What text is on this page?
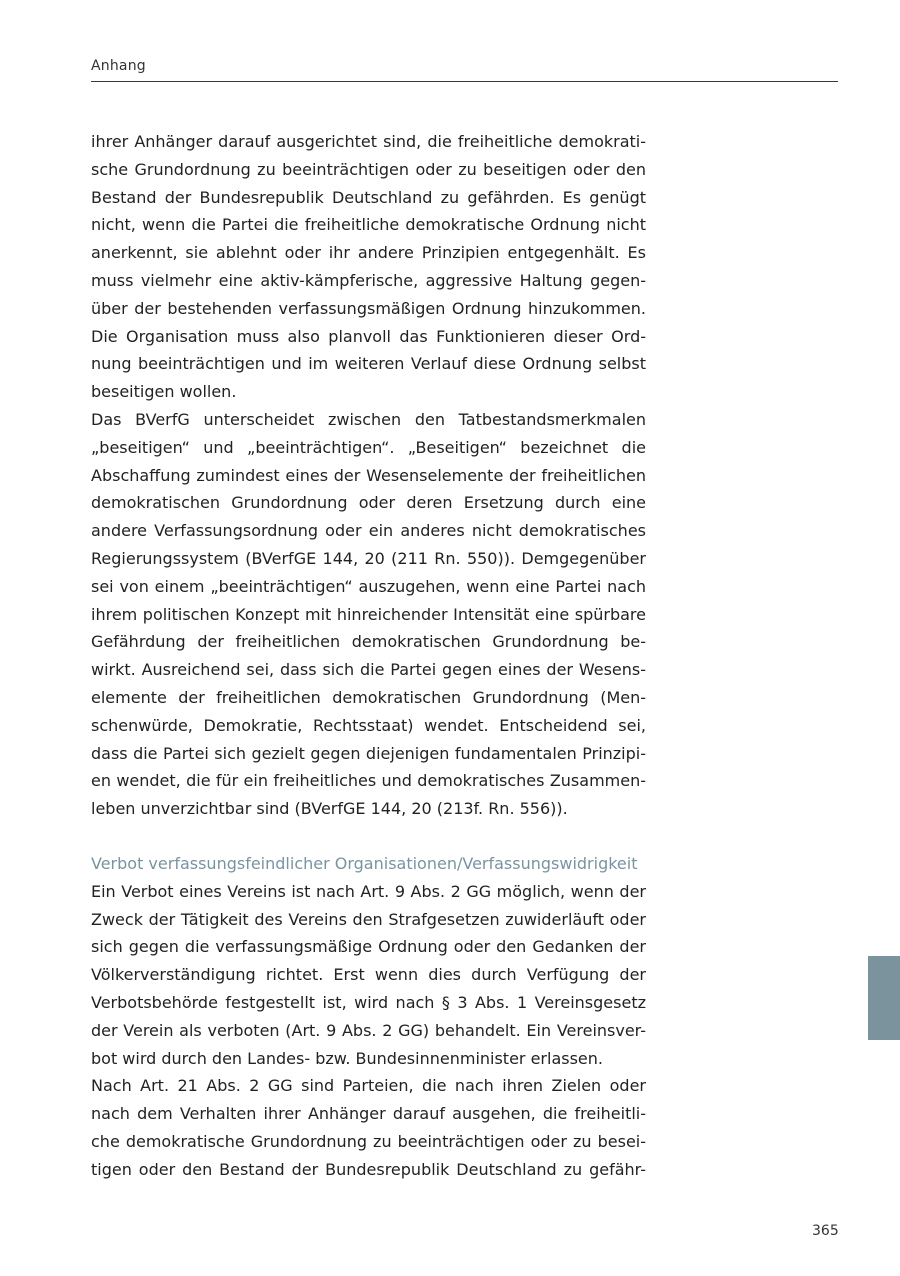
Anhang
ihrer Anhänger darauf ausgerichtet sind, die freiheitliche demokrati-
sche Grundordnung zu beeinträchtigen oder zu beseitigen oder den
Bestand der Bundesrepublik Deutschland zu gefährden. Es genügt
nicht, wenn die Partei die freiheitliche demokratische Ordnung nicht
anerkennt, sie ablehnt oder ihr andere Prinzipien entgegenhält. Es
muss vielmehr eine aktiv-kämpferische, aggressive Haltung gegen-
über der bestehenden verfassungsmäßigen Ordnung hinzukommen.
Die Organisation muss also planvoll das Funktionieren dieser Ord-
nung beeinträchtigen und im weiteren Verlauf diese Ordnung selbst
beseitigen wollen.
Das BVerfG unterscheidet zwischen den Tatbestandsmerkmalen
„beseitigen“ und „beeinträchtigen“. „Beseitigen“ bezeichnet die
Abschaffung zumindest eines der Wesenselemente der freiheitlichen
demokratischen Grundordnung oder deren Ersetzung durch eine
andere Verfassungsordnung oder ein anderes nicht demokratisches
Regierungssystem (BVerfGE 144, 20 (211 Rn. 550)). Demgegenüber
sei von einem „beeinträchtigen“ auszugehen, wenn eine Partei nach
ihrem politischen Konzept mit hinreichender Intensität eine spürbare
Gefährdung der freiheitlichen demokratischen Grundordnung be-
wirkt. Ausreichend sei, dass sich die Partei gegen eines der Wesens-
elemente der freiheitlichen demokratischen Grundordnung (Men-
schenwürde, Demokratie, Rechtsstaat) wendet. Entscheidend sei,
dass die Partei sich gezielt gegen diejenigen fundamentalen Prinzipi-
en wendet, die für ein freiheitliches und demokratisches Zusammen-
leben unverzichtbar sind (BVerfGE 144, 20 (213f. Rn. 556)).
Verbot verfassungsfeindlicher Organisationen/Verfassungswidrigkeit
Ein Verbot eines Vereins ist nach Art. 9 Abs. 2 GG möglich, wenn der
Zweck der Tätigkeit des Vereins den Strafgesetzen zuwiderläuft oder
sich gegen die verfassungsmäßige Ordnung oder den Gedanken der
Völkerverständigung richtet. Erst wenn dies durch Verfügung der
Verbotsbehörde festgestellt ist, wird nach § 3 Abs. 1 Vereinsgesetz
der Verein als verboten (Art. 9 Abs. 2 GG) behandelt. Ein Vereinsver-
bot wird durch den Landes- bzw. Bundesinnenminister erlassen.
Nach Art. 21 Abs. 2 GG sind Parteien, die nach ihren Zielen oder
nach dem Verhalten ihrer Anhänger darauf ausgehen, die freiheitli-
che demokratische Grundordnung zu beeinträchtigen oder zu besei-
tigen oder den Bestand der Bundesrepublik Deutschland zu gefähr-
365
